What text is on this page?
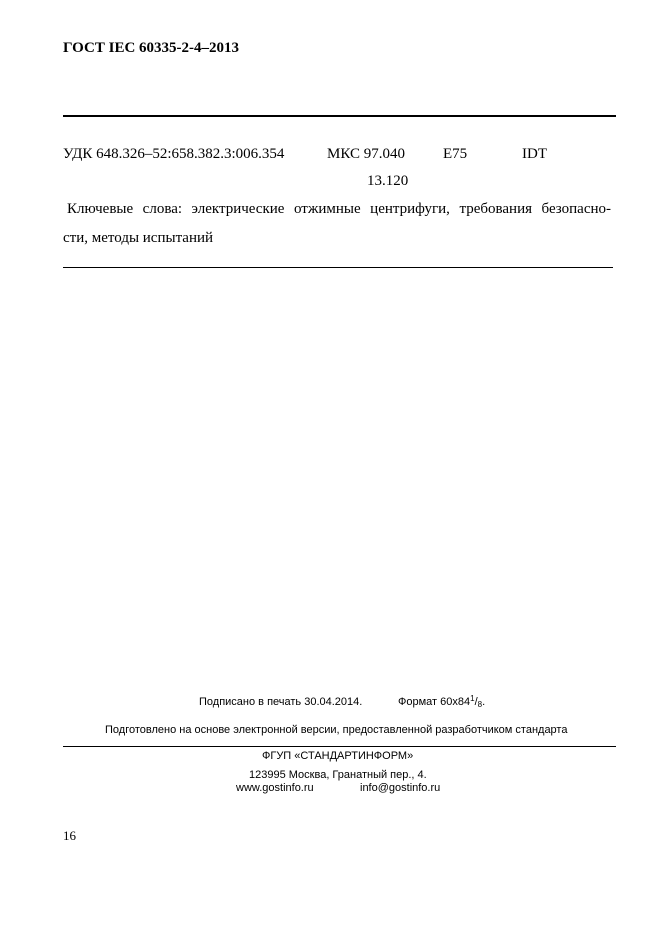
ГОСТ IEC 60335-2-4–2013
УДК 648.326–52:658.382.3:006.354	МКС 97.040	Е75	IDT
13.120
Ключевые слова: электрические отжимные центрифуги, требования безопасно-
сти, методы испытаний
Подписано в печать 30.04.2014.	Формат $60х84^1/_8$.
Подготовлено на основе электронной версии, предоставленной разработчиком стандарта
ФГУП «СТАНДАРТИНФОРМ»
123995 Москва, Гранатный пер., 4.
www.gostinfo.ru	info@gostinfo.ru
16
